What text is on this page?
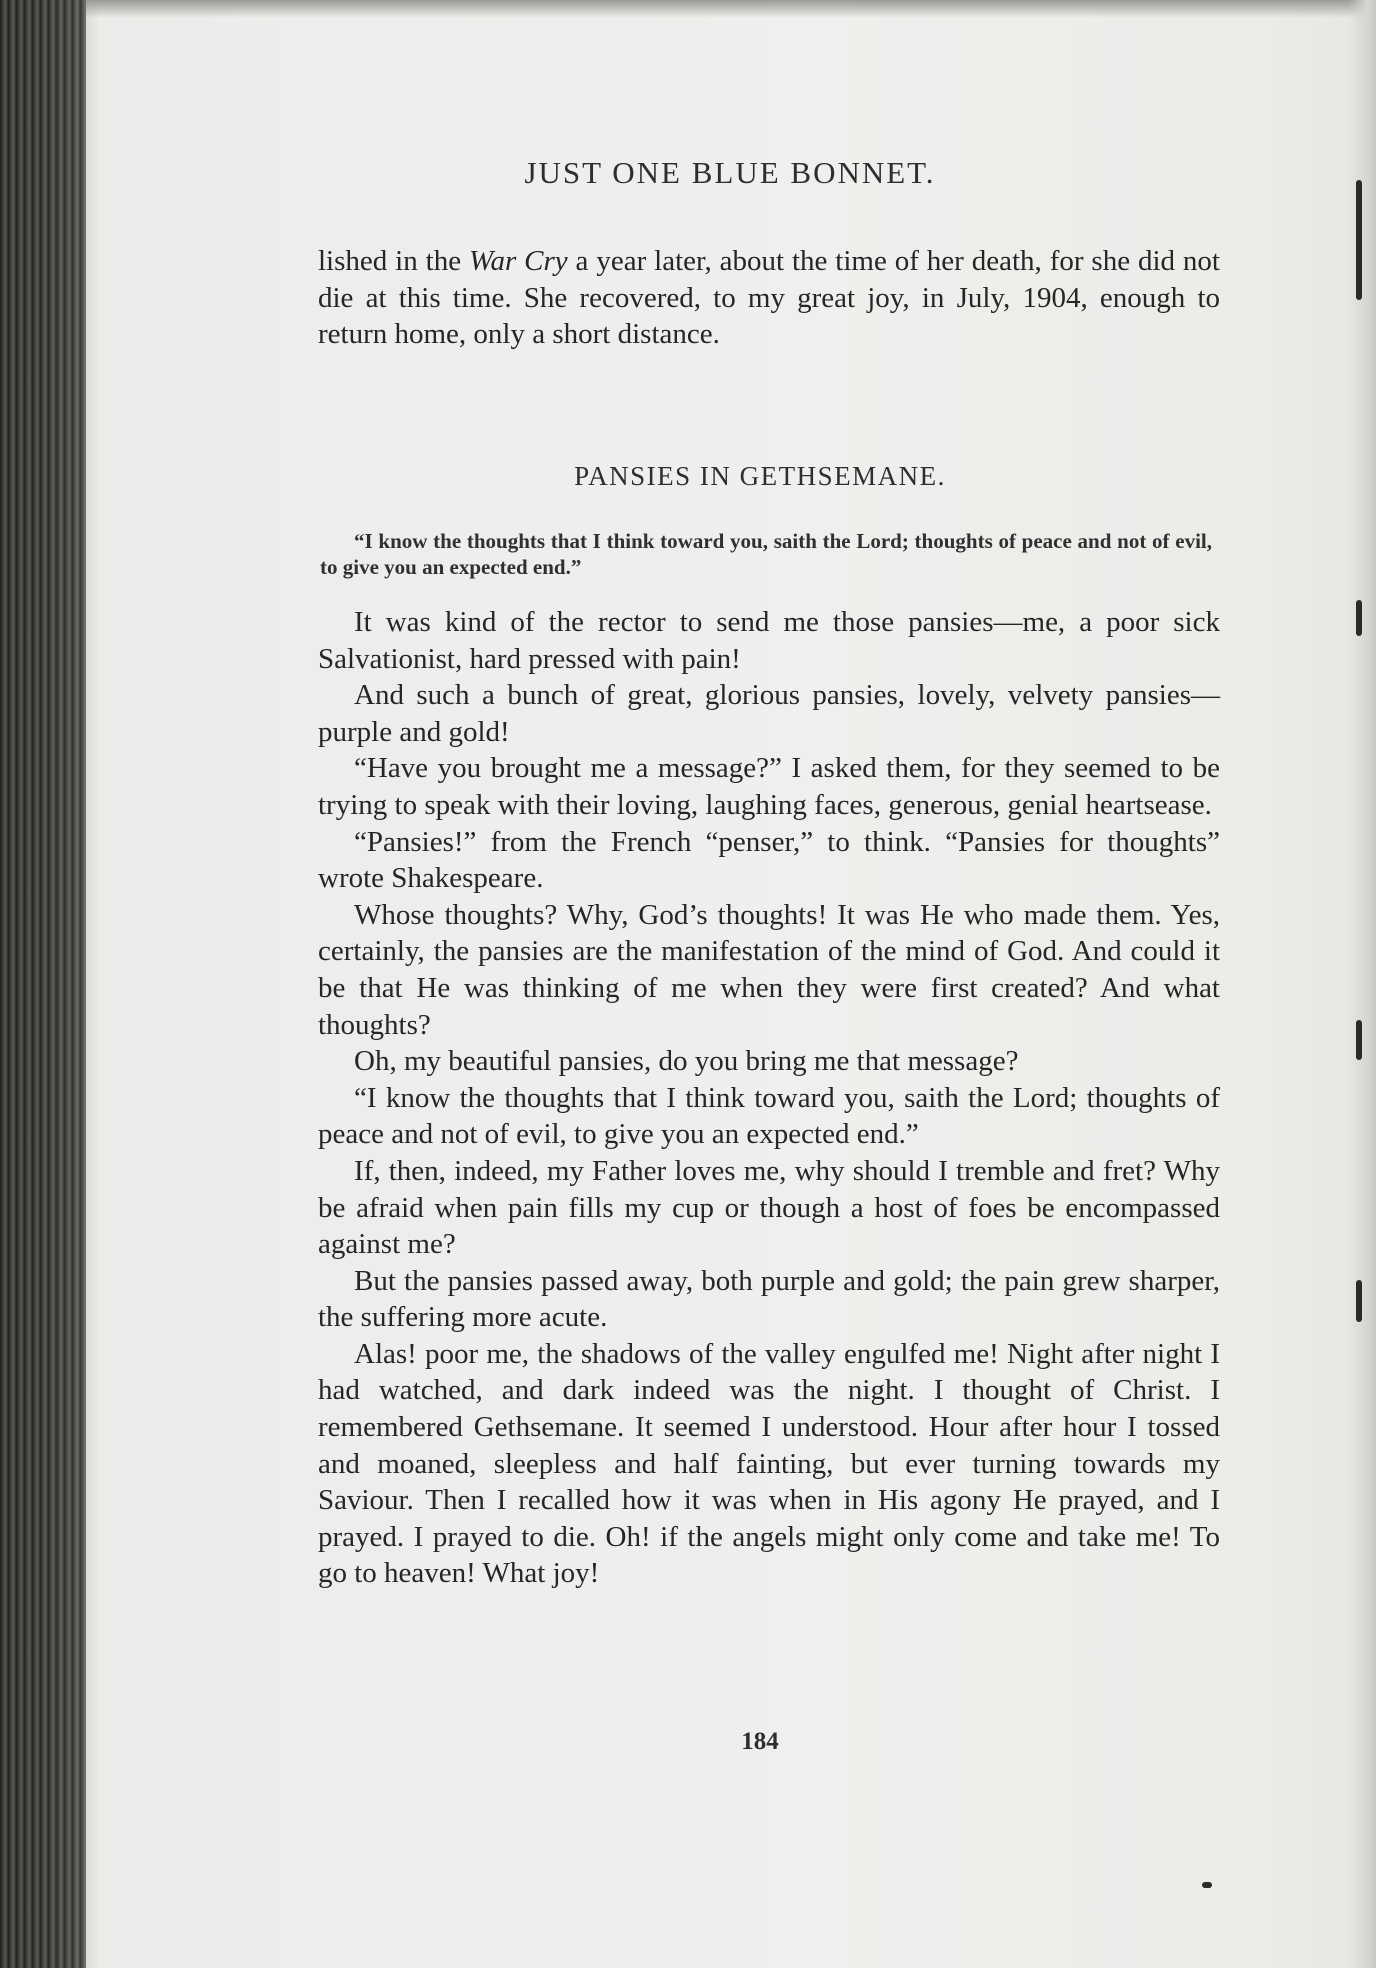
JUST ONE BLUE BONNET.

lished in the War Cry a year later, about the time of her death, for she did not die at this time. She recovered, to my great joy, in July, 1904, enough to return home, only a short distance.

PANSIES IN GETHSEMANE.
“I know the thoughts that I think toward you, saith the Lord; thoughts of peace and not of evil, to give you an expected end.”

It was kind of the rector to send me those pansies—me, a poor sick Salvationist, hard pressed with pain!

And such a bunch of great, glorious pansies, lovely, velvety pansies—purple and gold!

“Have you brought me a message?” I asked them, for they seemed to be trying to speak with their loving, laughing faces, generous, genial heartsease.

“Pansies!” from the French “penser,” to think. “Pansies for thoughts” wrote Shakespeare.

Whose thoughts? Why, God’s thoughts! It was He who made them. Yes, certainly, the pansies are the manifestation of the mind of God. And could it be that He was thinking of me when they were first created? And what thoughts?

Oh, my beautiful pansies, do you bring me that message?

“I know the thoughts that I think toward you, saith the Lord; thoughts of peace and not of evil, to give you an expected end.”

If, then, indeed, my Father loves me, why should I tremble and fret? Why be afraid when pain fills my cup or though a host of foes be encompassed against me?

But the pansies passed away, both purple and gold; the pain grew sharper, the suffering more acute.

Alas! poor me, the shadows of the valley engulfed me! Night after night I had watched, and dark indeed was the night. I thought of Christ. I remembered Gethsemane. It seemed I understood. Hour after hour I tossed and moaned, sleepless and half fainting, but ever turning towards my Saviour. Then I recalled how it was when in His agony He prayed, and I prayed. I prayed to die. Oh! if the angels might only come and take me! To go to heaven! What joy!

184
